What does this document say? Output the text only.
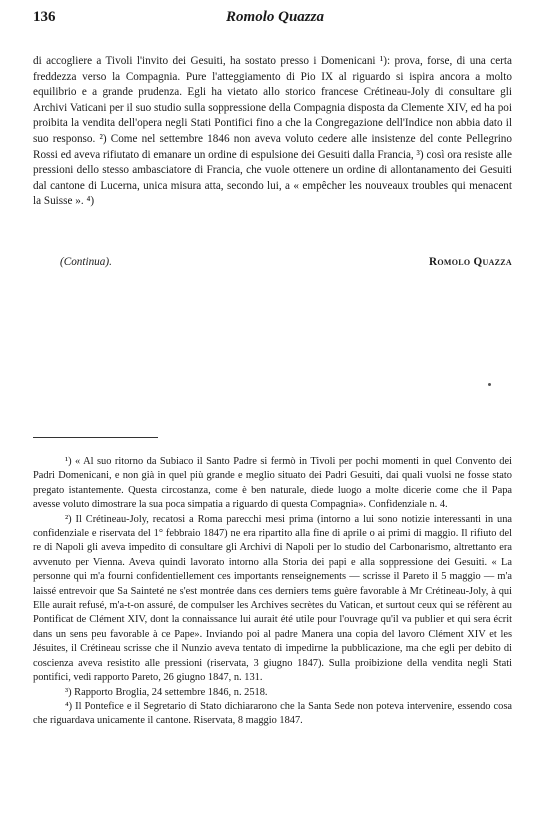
136	Romolo Quazza

di accogliere a Tivoli l'invito dei Gesuiti, ha sostato presso i Domenicani ¹): prova, forse, di una certa freddezza verso la Compagnia. Pure l'atteggiamento di Pio IX al riguardo si ispira ancora a molto equilibrio e a grande prudenza. Egli ha vietato allo storico francese Crétineau-Joly di consultare gli Archivi Vaticani per il suo studio sulla soppressione della Compagnia disposta da Clemente XIV, ed ha poi proibita la vendita dell'opera negli Stati Pontifici fino a che la Congregazione dell'Indice non abbia dato il suo responso. ²) Come nel settembre 1846 non aveva voluto cedere alle insistenze del conte Pellegrino Rossi ed aveva rifiutato di emanare un ordine di espulsione dei Gesuiti dalla Francia, ³) così ora resiste alle pressioni dello stesso ambasciatore di Francia, che vuole ottenere un ordine di allontanamento dei Gesuiti dal cantone di Lucerna, unica misura atta, secondo lui, a « empêcher les nouveaux troubles qui menacent la Suisse ». ⁴)

(Continua).	Romolo Quazza

¹) « Al suo ritorno da Subiaco il Santo Padre si fermò in Tivoli per pochi momenti in quel Convento dei Padri Domenicani, e non già in quel più grande e meglio situato dei Padri Gesuiti, dai quali vuolsi ne fosse stato pregato istantemente. Questa circostanza, come è ben naturale, diede luogo a molte dicerie come che il Papa avesse voluto dimostrare la sua poca simpatia a riguardo di questa Compagnia». Confidenziale n. 4.

²) Il Crétineau-Joly, recatosi a Roma parecchi mesi prima (intorno a lui sono notizie interessanti in una confidenziale e riservata del 1° febbraio 1847) ne era ripartito alla fine di aprile o ai primi di maggio. Il rifiuto del re di Napoli gli aveva impedito di consultare gli Archivi di Napoli per lo studio del Carbonarismo, altrettanto era avvenuto per Vienna. Aveva quindi lavorato intorno alla Storia dei papi e alla soppressione dei Gesuiti. « La personne qui m'a fourni confidentiellement ces importants renseignements — scrisse il Pareto il 5 maggio — m'a laissé entrevoir que Sa Sainteté ne s'est montrée dans ces derniers tems guère favorable à Mr Crétineau-Joly, à qui Elle aurait refusé, m'a-t-on assuré, de compulser les Archives secrètes du Vatican, et surtout ceux qui se réfèrent au Pontificat de Clément XIV, dont la connaissance lui aurait été utile pour l'ouvrage qu'il va publier et qui sera écrit dans un sens peu favorable à ce Pape». Inviando poi al padre Manera una copia del lavoro Clément XIV et les Jésuites, il Crétineau scrisse che il Nunzio aveva tentato di impedirne la pubblicazione, ma che egli per debito di coscienza aveva resistito alle pressioni (riservata, 3 giugno 1847). Sulla proibizione della vendita negli Stati pontifici, vedi rapporto Pareto, 26 giugno 1847, n. 131.

³) Rapporto Broglia, 24 settembre 1846, n. 2518.

⁴) Il Pontefice e il Segretario di Stato dichiararono che la Santa Sede non poteva intervenire, essendo cosa che riguardava unicamente il cantone. Riservata, 8 maggio 1847.
